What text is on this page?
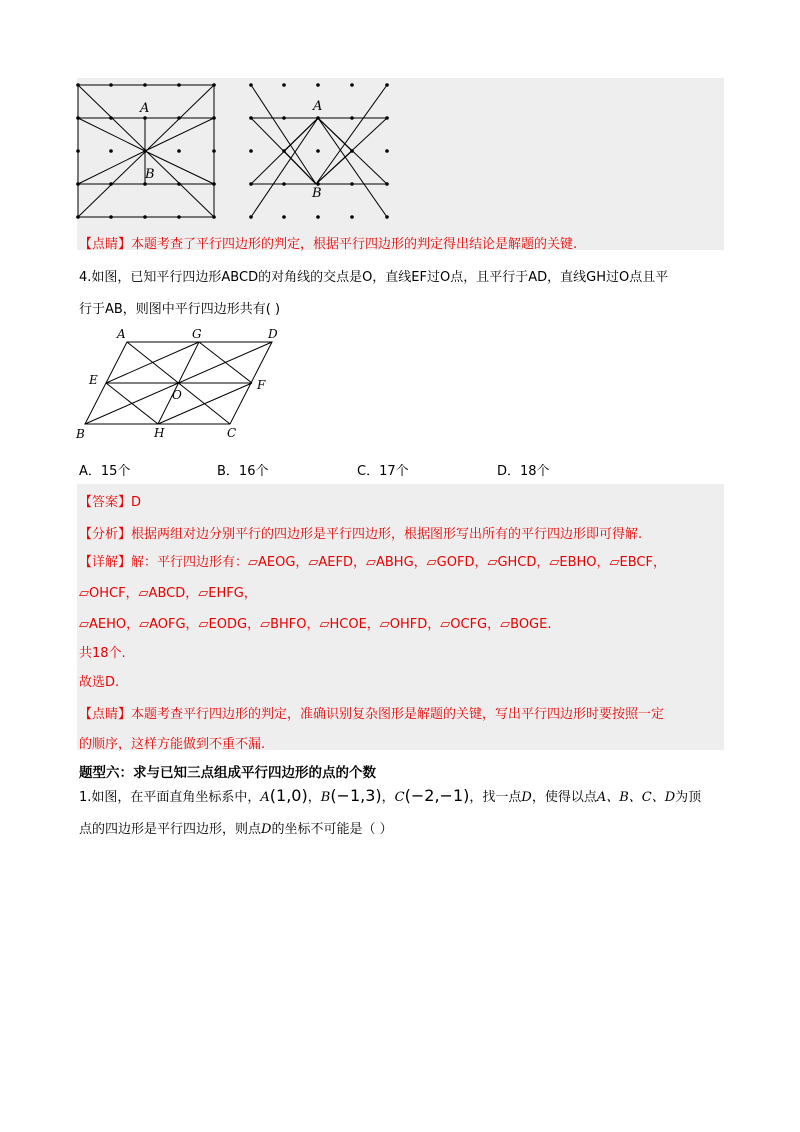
A
B
A
B
【点睛】本题考查了平行四边形的判定，根据平行四边形的判定得出结论是解题的关键.
4.如图，已知平行四边形ABCD的对角线的交点是O，直线EF过O点，且平行于AD，直线GH过O点且平
行于AB，则图中平行四边形共有( )
A	G	D
E
O
F
B	H	C
A．15个	B．16个	C．17个	D．18个
【答案】D
【分析】根据两组对边分别平行的四边形是平行四边形，根据图形写出所有的平行四边形即可得解.
【详解】解：平行四边形有：▱AEOG，▱AEFD，▱ABHG，▱GOFD，▱GHCD，▱EBHO，▱EBCF，
▱OHCF，▱ABCD，▱EHFG，
▱AEHO，▱AOFG，▱EODG，▱BHFO，▱HCOE，▱OHFD，▱OCFG，▱BOGE.
共18个.
故选D.
【点睛】本题考查平行四边形的判定，准确识别复杂图形是解题的关键，写出平行四边形时要按照一定
的顺序，这样方能做到不重不漏.
题型六：求与已知三点组成平行四边形的点的个数
1.如图，在平面直角坐标系中，A(1,0)，B(−1,3)，C(−2,−1)，找一点D，使得以点A、B、C、D为顶
点的四边形是平行四边形，则点D的坐标不可能是（ ）
